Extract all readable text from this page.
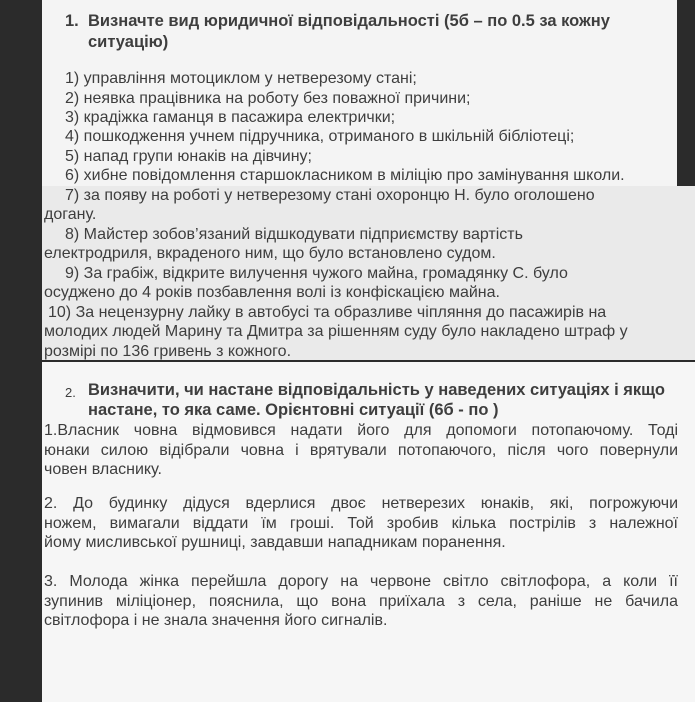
1. Визначте вид юридичної відповідальності (5б – по 0.5 за кожну
ситуацію)
1) управління мотоциклом у нетверезому стані;
2) неявка працівника на роботу без поважної причини;
3) крадіжка гаманця в пасажира електрички;
4) пошкодження учнем підручника, отриманого в шкільній бібліотеці;
5) напад групи юнаків на дівчину;
6) хибне повідомлення старшокласником в міліцію про замінування школи.
7) за появу на роботі у нетверезому стані охоронцю Н. було оголошено
догану.
8) Майстер зобов’язаний відшкодувати підприємству вартість
електродриля, вкраденого ним, що було встановлено судом.
9) За грабіж, відкрите вилучення чужого майна, громадянку С. було
осуджено до 4 років позбавлення волі із конфіскацією майна.
10) За нецензурну лайку в автобусі та образливе чіпляння до пасажирів на
молодих людей Марину та Дмитра за рішенням суду було накладено штраф у
розмірі по 136 гривень з кожного.
2. Визначити, чи настане відповідальність у наведених ситуаціях і якщо
настане, то яка саме. Орієнтовні ситуації (6б - по )
1.Власник човна відмовився надати його для допомоги потопаючому. Тоді
юнаки силою відібрали човна і врятували потопаючого, після чого повернули
човен власнику.
2. До будинку дідуся вдерлися двоє нетверезих юнаків, які, погрожуючи
ножем, вимагали віддати їм гроші. Той зробив кілька пострілів з належної
йому мисливської рушниці, завдавши нападникам поранення.
3. Молода жінка перейшла дорогу на червоне світло світлофора, а коли її
зупинив міліціонер, пояснила, що вона приїхала з села, раніше не бачила
світлофора і не знала значення його сигналів.
